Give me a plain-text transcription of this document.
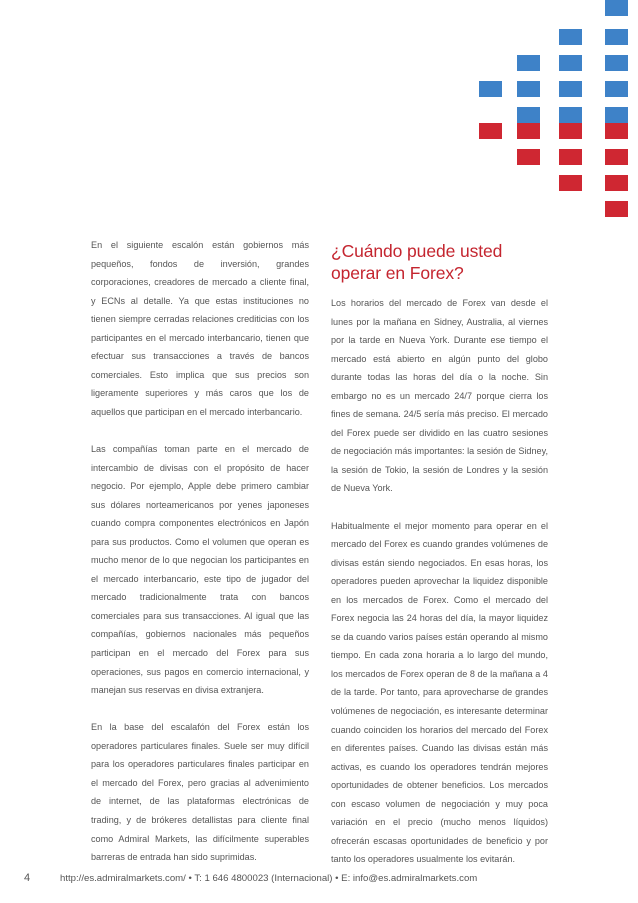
En el siguiente escalón están gobiernos más pequeños, fondos de inversión, grandes corporaciones, creadores de mercado a cliente final, y ECNs al detalle. Ya que estas instituciones no tienen siempre cerradas relaciones crediticias con los participantes en el mercado interbancario, tienen que efectuar sus transacciones a través de bancos comerciales. Esto implica que sus precios son ligeramente superiores y más caros que los de aquellos que participan en el mercado interbancario.

Las compañías toman parte en el mercado de intercambio de divisas con el propósito de hacer negocio. Por ejemplo, Apple debe primero cambiar sus dólares norteamericanos por yenes japoneses cuando compra componentes electrónicos en Japón para sus productos. Como el volumen que operan es mucho menor de lo que negocian los participantes en el mercado interbancario, este tipo de jugador del mercado tradicionalmente trata con bancos comerciales para sus transacciones. Al igual que las compañías, gobiernos nacionales más pequeños participan en el mercado del Forex para sus operaciones, sus pagos en comercio internacional, y manejan sus reservas en divisa extranjera.

En la base del escalafón del Forex están los operadores particulares finales. Suele ser muy difícil para los operadores particulares finales participar en el mercado del Forex, pero gracias al advenimiento de internet, de las plataformas electrónicas de trading, y de brókeres detallistas para cliente final como Admiral Markets, las difícilmente superables barreras de entrada han sido suprimidas.

¿Cuándo puede usted operar en Forex?

Los horarios del mercado de Forex van desde el lunes por la mañana en Sidney, Australia, al viernes por la tarde en Nueva York. Durante ese tiempo el mercado está abierto en algún punto del globo durante todas las horas del día o la noche. Sin embargo no es un mercado 24/7 porque cierra los fines de semana. 24/5 sería más preciso. El mercado del Forex puede ser dividido en las cuatro sesiones de negociación más importantes: la sesión de Sidney, la sesión de Tokio, la sesión de Londres y la sesión de Nueva York.

Habitualmente el mejor momento para operar en el mercado del Forex es cuando grandes volúmenes de divisas están siendo negociados. En esas horas, los operadores pueden aprovechar la liquidez disponible en los mercados de Forex. Como el mercado del Forex negocia las 24 horas del día, la mayor liquidez se da cuando varios países están operando al mismo tiempo. En cada zona horaria a lo largo del mundo, los mercados de Forex operan de 8 de la mañana a 4 de la tarde. Por tanto, para aprovecharse de grandes volúmenes de negociación, es interesante determinar cuando coinciden los horarios del mercado del Forex en diferentes países. Cuando las divisas están más activas, es cuando los operadores tendrán mejores oportunidades de obtener beneficios. Los mercados con escaso volumen de negociación y muy poca variación en el precio (mucho menos líquidos) ofrecerán escasas oportunidades de beneficio y por tanto los operadores usualmente los evitarán.

4	http://es.admiralmarkets.com/ • T: 1 646 4800023 (Internacional) • E: info@es.admiralmarkets.com
